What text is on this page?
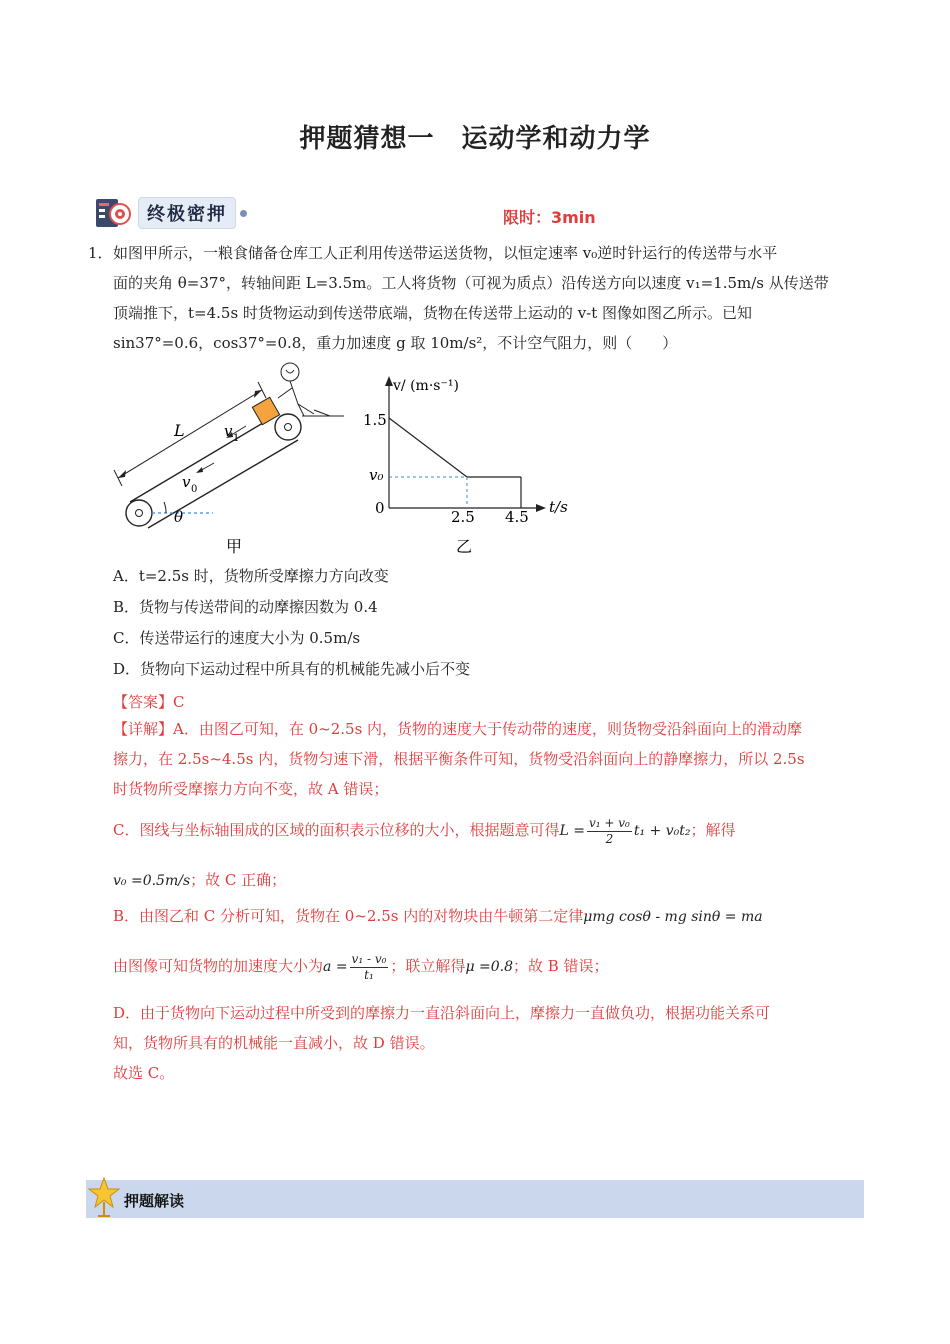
押题猜想一　运动学和动力学
终极密押	限时：3min
1． 如图甲所示，一粮食储备仓库工人正利用传送带运送货物，以恒定速率 v₀逆时针运行的传送带与水平
面的夹角 θ=37°，转轴间距 L=3.5m。工人将货物（可视为质点）沿传送方向以速度 v₁=1.5m/s 从传送带
顶端推下，t=4.5s 时货物运动到传送带底端，货物在传送带上运动的 v-t 图像如图乙所示。已知
sin37°=0.6，cos37°=0.8，重力加速度 g 取 10m/s²，不计空气阻力，则（　　）
θ
L	v 1
v 0
甲
v/ (m·s⁻¹)
t/s
1.5
v₀
0	2.5 4.5
乙
A．t=2.5s 时，货物所受摩擦力方向改变
B．货物与传送带间的动摩擦因数为 0.4
C．传送带运行的速度大小为 0.5m/s
D．货物向下运动过程中所具有的机械能先减小后不变
【答案】C
【详解】A．由图乙可知，在 0~2.5s 内，货物的速度大于传动带的速度，则货物受沿斜面向上的滑动摩
擦力，在 2.5s~4.5s 内，货物匀速下滑，根据平衡条件可知，货物受沿斜面向上的静摩擦力，所以 2.5s
时货物所受摩擦力方向不变，故 A 错误；
C．图线与坐标轴围成的区域的面积表示位移的大小，根据题意可得$L = \frac{\text{v₁ + v₀}}{2} t_1 + v_0t_2$；解得
v₀ =0.5m/s；故 C 正确；
B．由图乙和 C 分析可知，货物在 0~2.5s 内的对物块由牛顿第二定律μmg cosθ - mg sinθ = ma
由图像可知货物的加速度大小为$a = \frac{\text{v₁ - v₀}}{\text{t₁}}$ ；联立解得μ =0.8；故 B 错误；
D．由于货物向下运动过程中所受到的摩擦力一直沿斜面向上，摩擦力一直做负功，根据功能关系可
知，货物所具有的机械能一直减小，故 D 错误。
故选 C。
押题解读
